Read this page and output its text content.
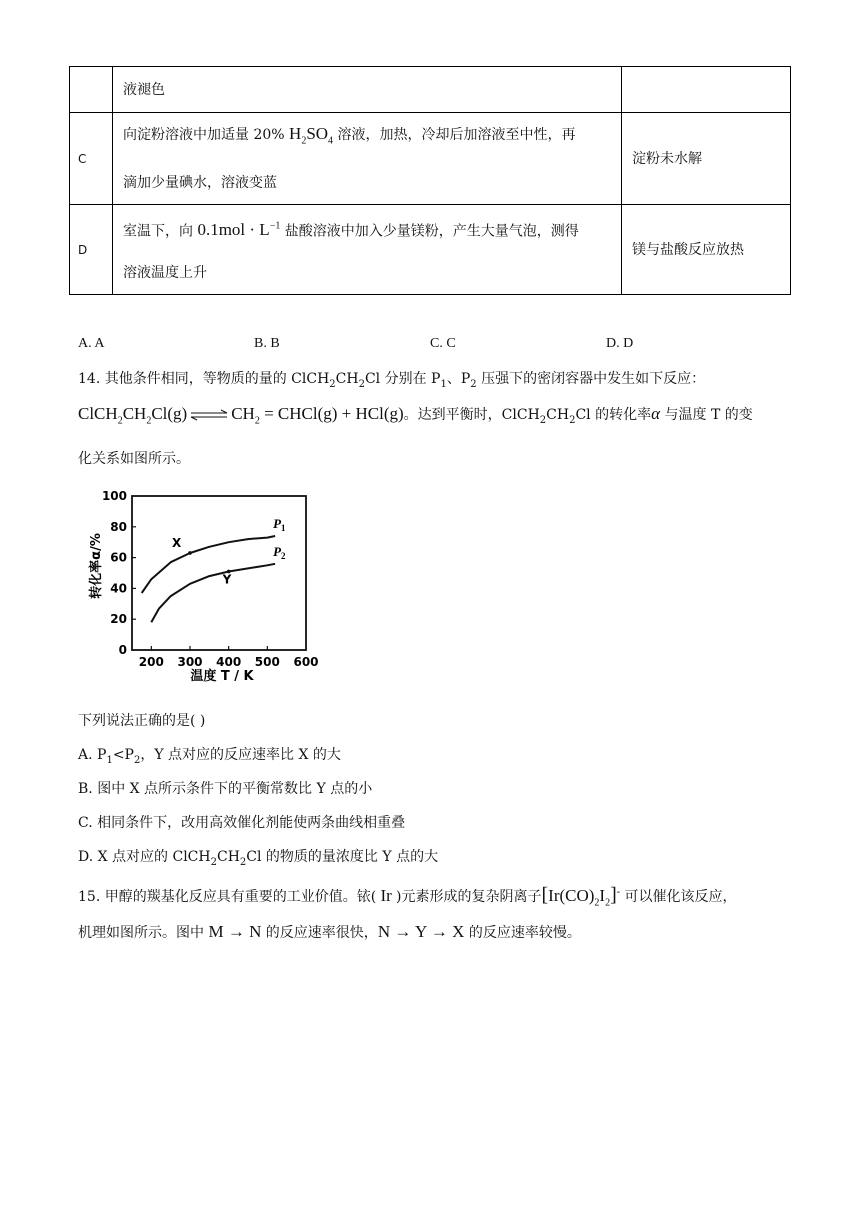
	液褪色	
C	向淀粉溶液中加适量 20% $H_2SO_4$ 溶液，加热，冷却后加溶液至中性，再
滴加少量碘水，溶液变蓝	淀粉未水解
D	室温下，向 $0.1mol \cdot L^{-1}$ 盐酸溶液中加入少量镁粉，产生大量气泡，测得
溶液温度上升	镁与盐酸反应放热
A. A	B. B	C. C	D. D
14. 其他条件相同，等物质的量的 $ClCH_2CH_2Cl$ 分别在 $P_1$、$P_2$ 压强下的密闭容器中发生如下反应：
$ClCH_2CH_2Cl(g)$ ⇌ $CH_2$ = CHCl(g) + HCl(g)。达到平衡时，$ClCH_2CH_2Cl$ 的转化率α 与温度 T 的变
化关系如图所示。
0
20
40
60
80
100
200 300 400 500 600
$P_1$
$P_2$
X
Y
转化率α/%
温度 T / K
下列说法正确的是( )
A. $P_1<P_2$，Y 点对应的反应速率比 X 的大
B. 图中 X 点所示条件下的平衡常数比 Y 点的小
C. 相同条件下，改用高效催化剂能使两条曲线相重叠
D. X 点对应的 $ClCH_2CH_2Cl$ 的物质的量浓度比 Y 点的大
15. 甲醇的羰基化反应具有重要的工业价值。铱( Ir )元素形成的复杂阴离子$[Ir(CO)_2I_2]^-$ 可以催化该反应，
机理如图所示。图中 M → N 的反应速率很快，N → Y → X 的反应速率较慢。
